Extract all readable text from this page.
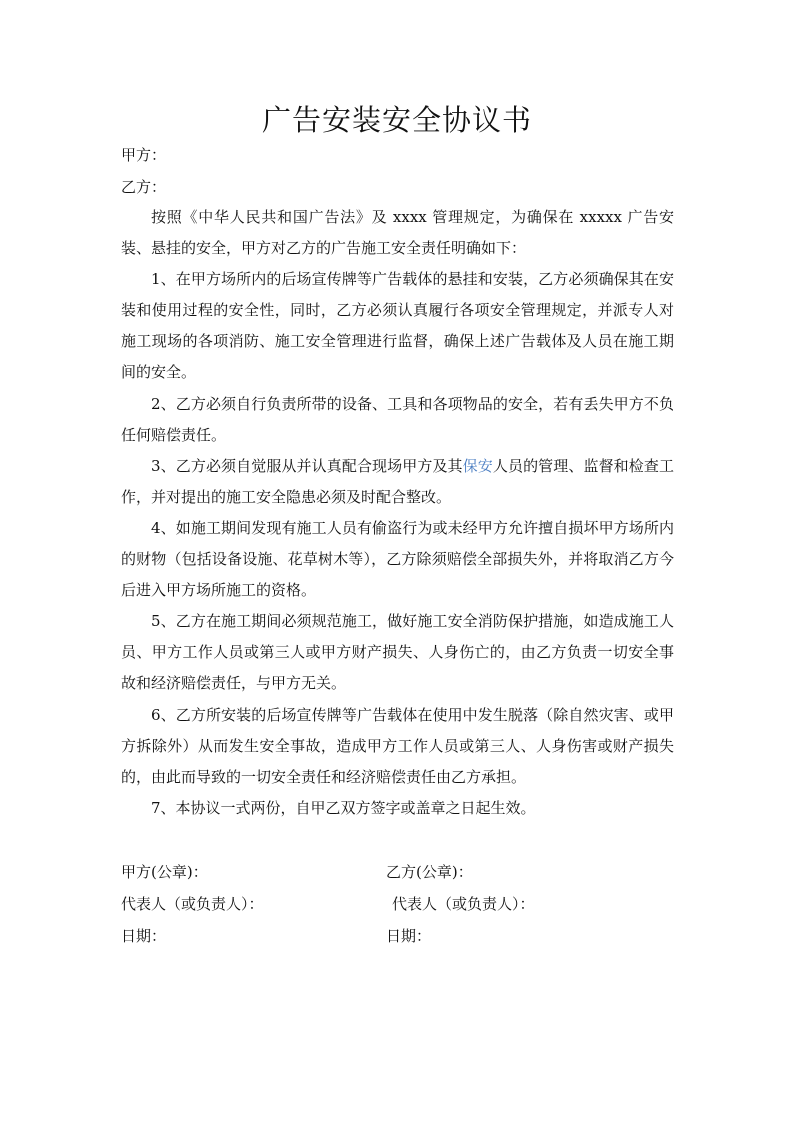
广告安装安全协议书
甲方：
乙方：
按照《中华人民共和国广告法》及 xxxx 管理规定，为确保在 xxxxx 广告安装、悬挂的安全，甲方对乙方的广告施工安全责任明确如下：
1、在甲方场所内的后场宣传牌等广告载体的悬挂和安装，乙方必须确保其在安装和使用过程的安全性，同时，乙方必须认真履行各项安全管理规定，并派专人对施工现场的各项消防、施工安全管理进行监督，确保上述广告载体及人员在施工期间的安全。
2、乙方必须自行负责所带的设备、工具和各项物品的安全，若有丢失甲方不负任何赔偿责任。
3、乙方必须自觉服从并认真配合现场甲方及其保安人员的管理、监督和检查工作，并对提出的施工安全隐患必须及时配合整改。
4、如施工期间发现有施工人员有偷盗行为或未经甲方允许擅自损坏甲方场所内的财物（包括设备设施、花草树木等），乙方除须赔偿全部损失外，并将取消乙方今后进入甲方场所施工的资格。
5、乙方在施工期间必须规范施工，做好施工安全消防保护措施，如造成施工人员、甲方工作人员或第三人或甲方财产损失、人身伤亡的，由乙方负责一切安全事故和经济赔偿责任，与甲方无关。
6、乙方所安装的后场宣传牌等广告载体在使用中发生脱落（除自然灾害、或甲方拆除外）从而发生安全事故，造成甲方工作人员或第三人、人身伤害或财产损失的，由此而导致的一切安全责任和经济赔偿责任由乙方承担。
7、本协议一式两份，自甲乙双方签字或盖章之日起生效。
甲方(公章)：	乙方(公章)：
代表人（或负责人）：	代表人（或负责人）：
日期：	日期：
